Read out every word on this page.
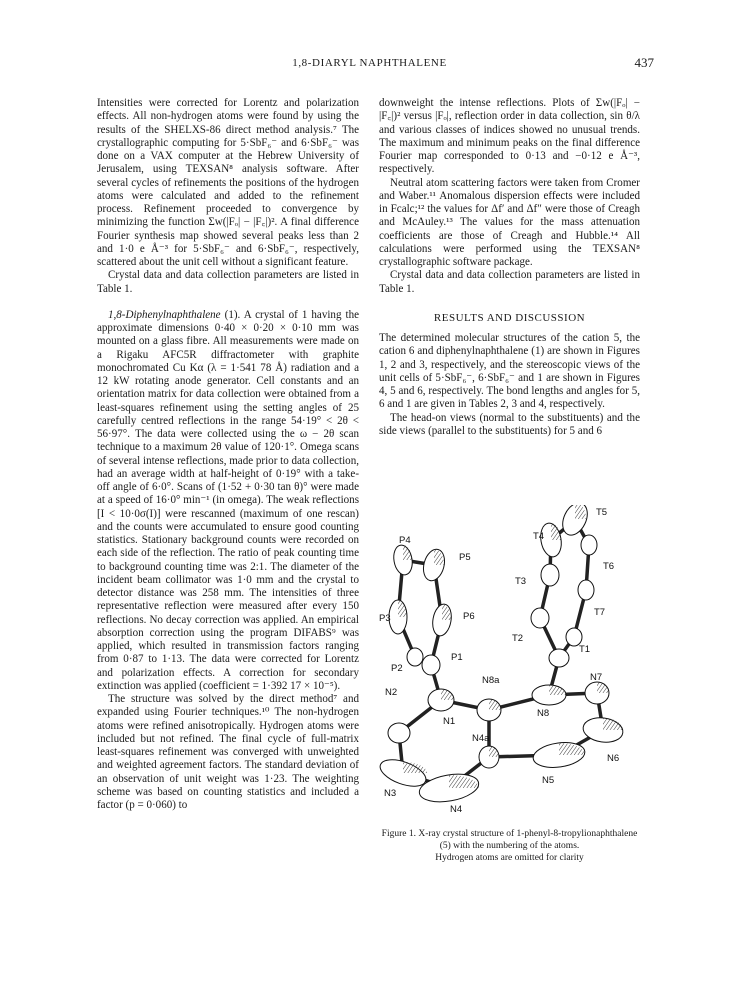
1,8-DIARYL NAPHTHALENE	437

Intensities were corrected for Lorentz and polarization effects. All non-hydrogen atoms were found by using the results of the SHELXS-86 direct method analysis.⁷ The crystallographic computing for 5·SbF₆⁻ and 6·SbF₆⁻ was done on a VAX computer at the Hebrew University of Jerusalem, using TEXSAN⁸ analysis software. After several cycles of refinements the positions of the hydrogen atoms were calculated and added to the refinement process. Refinement proceeded to convergence by minimizing the function Σw(|Fₒ| − |F꜀|)². A final difference Fourier synthesis map showed several peaks less than 2 and 1·0 e Å⁻³ for 5·SbF₆⁻ and 6·SbF₆⁻, respectively, scattered about the unit cell without a significant feature.

Crystal data and data collection parameters are listed in Table 1.

1,8-Diphenylnaphthalene (1). A crystal of 1 having the approximate dimensions 0·40 × 0·20 × 0·10 mm was mounted on a glass fibre. All measurements were made on a Rigaku AFC5R diffractometer with graphite monochromated Cu Kα (λ = 1·541 78 Å) radiation and a 12 kW rotating anode generator. Cell constants and an orientation matrix for data collection were obtained from a least-squares refinement using the setting angles of 25 carefully centred reflections in the range 54·19° < 2θ < 56·97°. The data were collected using the ω − 2θ scan technique to a maximum 2θ value of 120·1°. Omega scans of several intense reflections, made prior to data collection, had an average width at half-height of 0·19° with a take-off angle of 6·0°. Scans of (1·52 + 0·30 tan θ)° were made at a speed of 16·0° min⁻¹ (in omega). The weak reflections [I < 10·0σ(I)] were rescanned (maximum of one rescan) and the counts were accumulated to ensure good counting statistics. Stationary background counts were recorded on each side of the reflection. The ratio of peak counting time to background counting time was 2:1. The diameter of the incident beam collimator was 1·0 mm and the crystal to detector distance was 258 mm. The intensities of three representative reflection were measured after every 150 reflections. No decay correction was applied. An empirical absorption correction using the program DIFABS⁹ was applied, which resulted in transmission factors ranging from 0·87 to 1·13. The data were corrected for Lorentz and polarization effects. A correction for secondary extinction was applied (coefficient = 1·392 17 × 10⁻⁵).

The structure was solved by the direct method⁷ and expanded using Fourier techniques.¹⁰ The non-hydrogen atoms were refined anisotropically. Hydrogen atoms were included but not refined. The final cycle of full-matrix least-squares refinement was converged with unweighted and weighted agreement factors. The standard deviation of an observation of unit weight was 1·23. The weighting scheme was based on counting statistics and included a factor (p = 0·060) to

downweight the intense reflections. Plots of Σw(|Fₒ| − |F꜀|)² versus |Fₒ|, reflection order in data collection, sin θ/λ and various classes of indices showed no unusual trends. The maximum and minimum peaks on the final difference Fourier map corresponded to 0·13 and −0·12 e Å⁻³, respectively.

Neutral atom scattering factors were taken from Cromer and Waber.¹¹ Anomalous dispersion effects were included in Fcalc;¹² the values for Δf′ and Δf″ were those of Creagh and McAuley.¹³ The values for the mass attenuation coefficients are those of Creagh and Hubble.¹⁴ All calculations were performed using the TEXSAN⁸ crystallographic software package.

Crystal data and data collection parameters are listed in Table 1.

RESULTS AND DISCUSSION

The determined molecular structures of the cation 5, the cation 6 and diphenylnaphthalene (1) are shown in Figures 1, 2 and 3, respectively, and the stereoscopic views of the unit cells of 5·SbF₆⁻, 6·SbF₆⁻ and 1 are shown in Figures 4, 5 and 6, respectively. The bond lengths and angles for 5, 6 and 1 are given in Tables 2, 3 and 4, respectively.

The head-on views (normal to the substituents) and the side views (parallel to the substituents) for 5 and 6

P4
P5
P3	P6
P2
P1
T5
T4
T6
T3
T7
T2
T1
N7
N8a
N8
N2
N1
N4a
N6
N5
N3
N4
Figure 1. X-ray crystal structure of 1-phenyl-8-tropylionaphthalene (5) with the numbering of the atoms.
Hydrogen atoms are omitted for clarity
